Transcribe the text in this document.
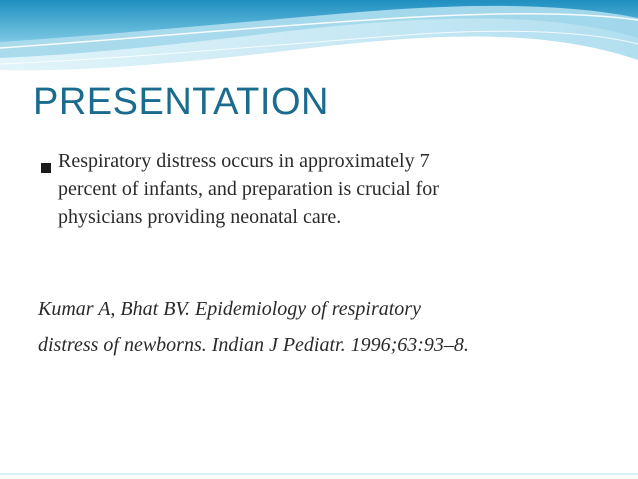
PRESENTATION
Respiratory distress occurs in approximately 7
percent of infants, and preparation is crucial for
physicians providing neonatal care.
Kumar A, Bhat BV. Epidemiology of respiratory
distress of newborns. Indian J Pediatr. 1996;63:93–8.
